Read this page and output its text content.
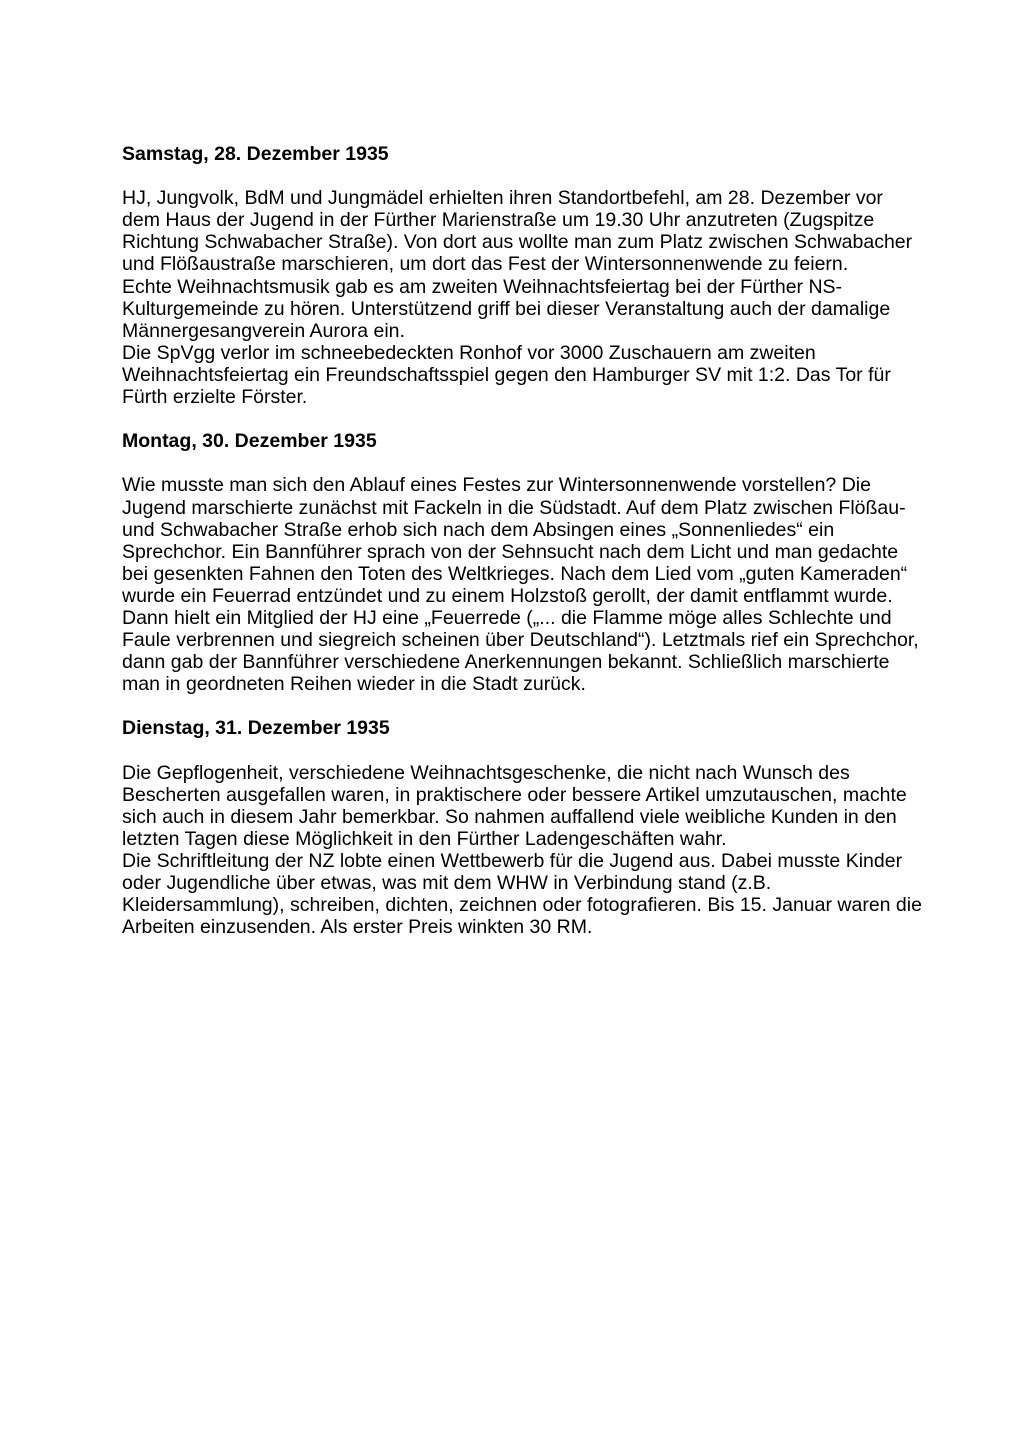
Samstag, 28. Dezember 1935
HJ, Jungvolk, BdM und Jungmädel erhielten ihren Standortbefehl, am 28. Dezember vor
dem Haus der Jugend in der Fürther Marienstraße um 19.30 Uhr anzutreten (Zugspitze
Richtung Schwabacher Straße). Von dort aus wollte man zum Platz zwischen Schwabacher
und Flößaustraße marschieren, um dort das Fest der Wintersonnenwende zu feiern.
Echte Weihnachtsmusik gab es am zweiten Weihnachtsfeiertag bei der Fürther NS-
Kulturgemeinde zu hören. Unterstützend griff bei dieser Veranstaltung auch der damalige
Männergesangverein Aurora ein.
Die SpVgg verlor im schneebedeckten Ronhof vor 3000 Zuschauern am zweiten
Weihnachtsfeiertag ein Freundschaftsspiel gegen den Hamburger SV mit 1:2. Das Tor für
Fürth erzielte Förster.
Montag, 30. Dezember 1935
Wie musste man sich den Ablauf eines Festes zur Wintersonnenwende vorstellen? Die
Jugend marschierte zunächst mit Fackeln in die Südstadt. Auf dem Platz zwischen Flößau-
und Schwabacher Straße erhob sich nach dem Absingen eines „Sonnenliedes“ ein
Sprechchor. Ein Bannführer sprach von der Sehnsucht nach dem Licht und man gedachte
bei gesenkten Fahnen den Toten des Weltkrieges. Nach dem Lied vom „guten Kameraden“
wurde ein Feuerrad entzündet und zu einem Holzstoß gerollt, der damit entflammt wurde.
Dann hielt ein Mitglied der HJ eine „Feuerrede („... die Flamme möge alles Schlechte und
Faule verbrennen und siegreich scheinen über Deutschland“). Letztmals rief ein Sprechchor,
dann gab der Bannführer verschiedene Anerkennungen bekannt. Schließlich marschierte
man in geordneten Reihen wieder in die Stadt zurück.
Dienstag, 31. Dezember 1935
Die Gepflogenheit, verschiedene Weihnachtsgeschenke, die nicht nach Wunsch des
Bescherten ausgefallen waren, in praktischere oder bessere Artikel umzutauschen, machte
sich auch in diesem Jahr bemerkbar. So nahmen auffallend viele weibliche Kunden in den
letzten Tagen diese Möglichkeit in den Fürther Ladengeschäften wahr.
Die Schriftleitung der NZ lobte einen Wettbewerb für die Jugend aus. Dabei musste Kinder
oder Jugendliche über etwas, was mit dem WHW in Verbindung stand (z.B.
Kleidersammlung), schreiben, dichten, zeichnen oder fotografieren. Bis 15. Januar waren die
Arbeiten einzusenden. Als erster Preis winkten 30 RM.
